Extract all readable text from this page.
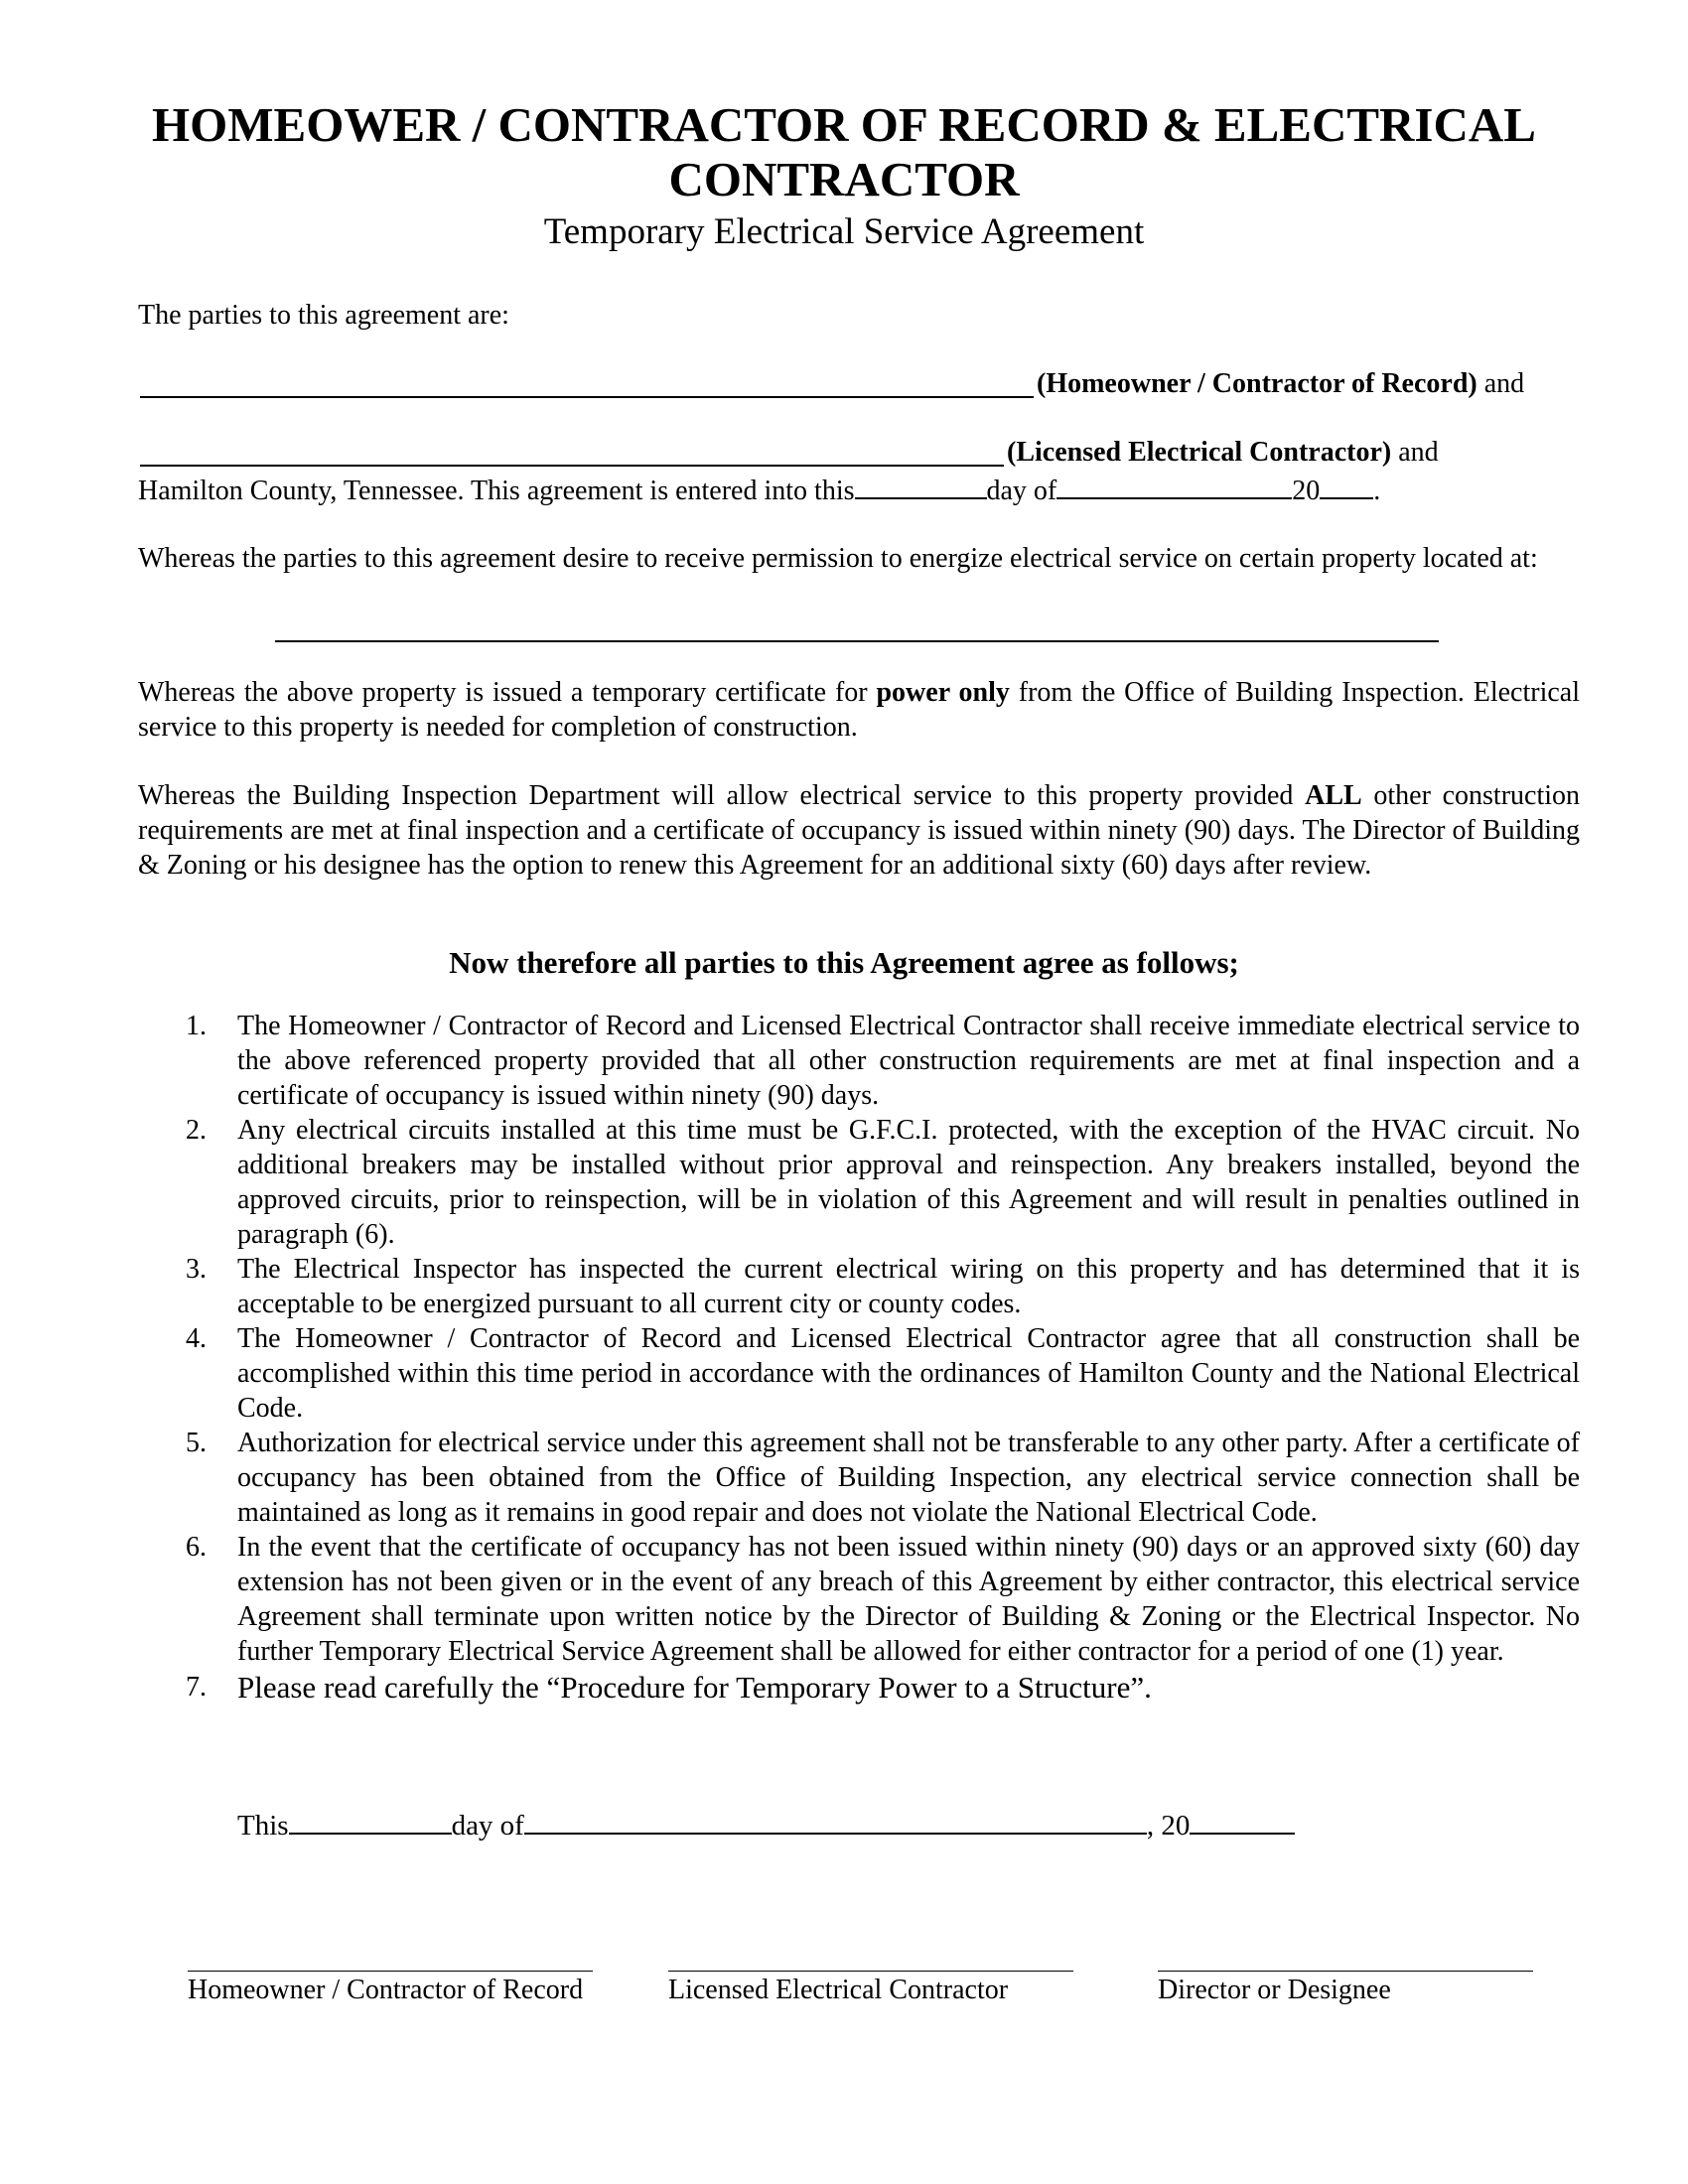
HOMEOWER / CONTRACTOR OF RECORD & ELECTRICAL
CONTRACTOR
Temporary Electrical Service Agreement
The parties to this agreement are:
(Homeowner / Contractor of Record) and
(Licensed Electrical Contractor) and
Hamilton County, Tennessee. This agreement is entered into this	day of	20 .
Whereas the parties to this agreement desire to receive permission to energize electrical service on certain property located at:
Whereas the above property is issued a temporary certificate for power only from the Office of Building Inspection. Electrical service to this property is needed for completion of construction.
Whereas the Building Inspection Department will allow electrical service to this property provided ALL other construction requirements are met at final inspection and a certificate of occupancy is issued within ninety (90) days. The Director of Building & Zoning or his designee has the option to renew this Agreement for an additional sixty (60) days after review.
Now therefore all parties to this Agreement agree as follows;
1. The Homeowner / Contractor of Record and Licensed Electrical Contractor shall receive immediate electrical service to the above referenced property provided that all other construction requirements are met at final inspection and a certificate of occupancy is issued within ninety (90) days.
2. Any electrical circuits installed at this time must be G.F.C.I. protected, with the exception of the HVAC circuit. No additional breakers may be installed without prior approval and reinspection. Any breakers installed, beyond the approved circuits, prior to reinspection, will be in violation of this Agreement and will result in penalties outlined in paragraph (6).
3. The Electrical Inspector has inspected the current electrical wiring on this property and has determined that it is acceptable to be energized pursuant to all current city or county codes.
4. The Homeowner / Contractor of Record and Licensed Electrical Contractor agree that all construction shall be accomplished within this time period in accordance with the ordinances of Hamilton County and the National Electrical Code.
5. Authorization for electrical service under this agreement shall not be transferable to any other party. After a certificate of occupancy has been obtained from the Office of Building Inspection, any electrical service connection shall be maintained as long as it remains in good repair and does not violate the National Electrical Code.
6. In the event that the certificate of occupancy has not been issued within ninety (90) days or an approved sixty (60) day extension has not been given or in the event of any breach of this Agreement by either contractor, this electrical service Agreement shall terminate upon written notice by the Director of Building & Zoning or the Electrical Inspector. No further Temporary Electrical Service Agreement shall be allowed for either contractor for a period of one (1) year.
7. Please read carefully the “Procedure for Temporary Power to a Structure”.
This	day of	, 20
Homeowner / Contractor of Record	Licensed Electrical Contractor	Director or Designee
